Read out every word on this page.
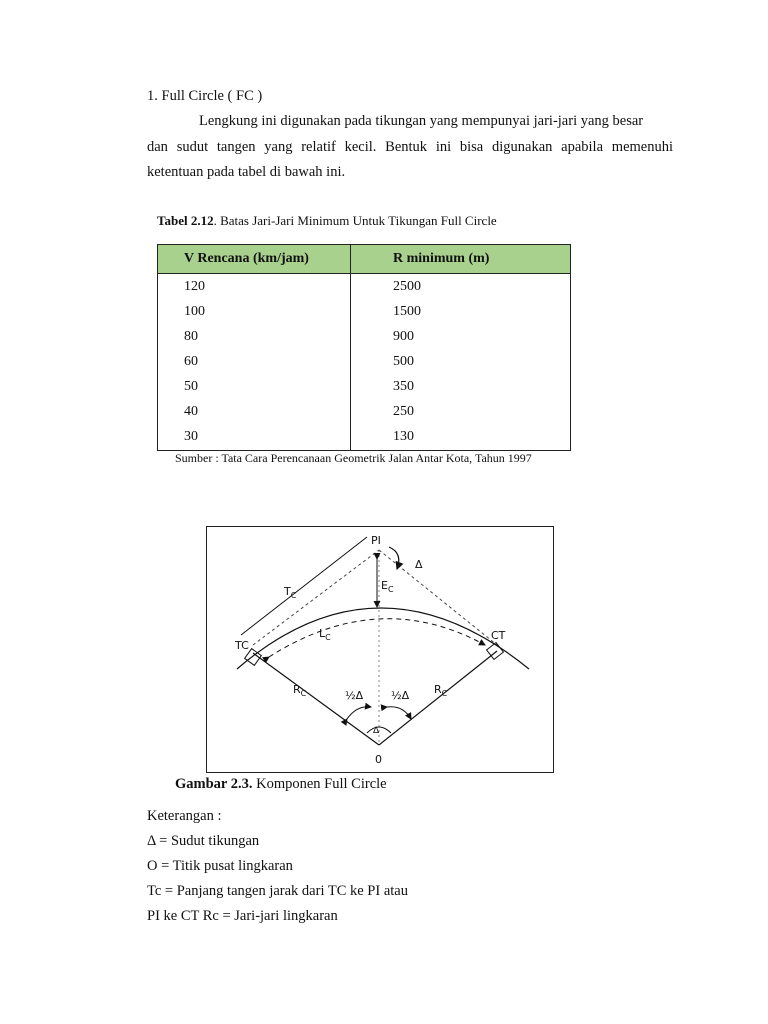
1. Full Circle ( FC )
Lengkung ini digunakan pada tikungan yang mempunyai jari-jari yang besar
dan sudut tangen yang relatif kecil. Bentuk ini bisa digunakan apabila memenuhi
ketentuan pada tabel di bawah ini.
Tabel 2.12. Batas Jari-Jari Minimum Untuk Tikungan Full Circle
V Rencana (km/jam)	R minimum (m)
120	2500
100	1500
80	900
60	500
50	350
40	250
30	130
Sumber : Tata Cara Perencanaan Geometrik Jalan Antar Kota, Tahun 1997
PI
Δ
$T_C$
$E_C$
$L_C$
TC
CT
$R_C$	$R_C$
½Δ	½Δ
Δ
0
Gambar 2.3. Komponen Full Circle
Keterangan :
Δ = Sudut tikungan
O = Titik pusat lingkaran
Tc = Panjang tangen jarak dari TC ke PI atau
PI ke CT Rc = Jari-jari lingkaran
